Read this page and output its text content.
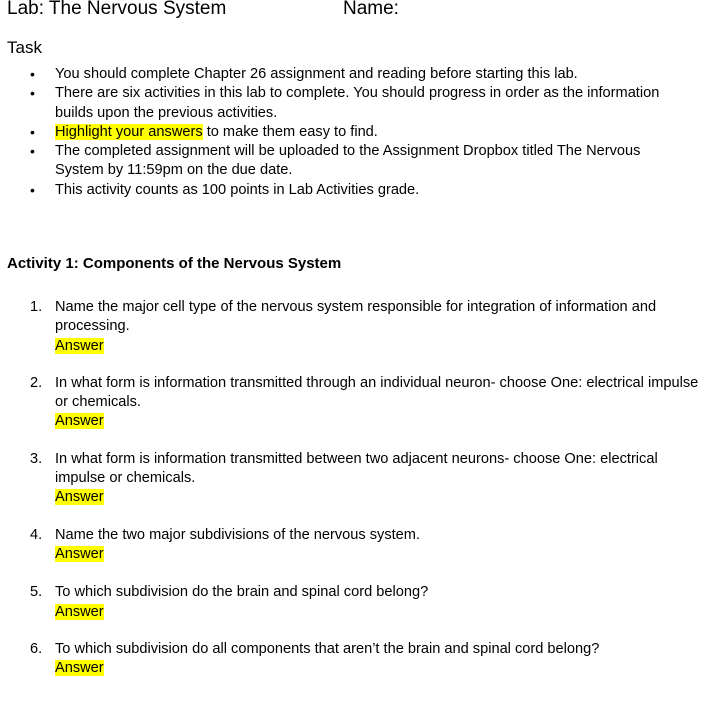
Lab: The Nervous System	Name:
Task
• You should complete Chapter 26 assignment and reading before starting this lab.
• There are six activities in this lab to complete. You should progress in order as the information builds upon the previous activities.
• Highlight your answers to make them easy to find.
• The completed assignment will be uploaded to the Assignment Dropbox titled The Nervous System by 11:59pm on the due date.
• This activity counts as 100 points in Lab Activities grade.
Activity 1: Components of the Nervous System
1. Name the major cell type of the nervous system responsible for integration of information and processing.
Answer
2. In what form is information transmitted through an individual neuron- choose One: electrical impulse or chemicals.
Answer
3. In what form is information transmitted between two adjacent neurons- choose One: electrical impulse or chemicals.
Answer
4. Name the two major subdivisions of the nervous system.
Answer
5. To which subdivision do the brain and spinal cord belong?
Answer
6. To which subdivision do all components that aren’t the brain and spinal cord belong?
Answer
